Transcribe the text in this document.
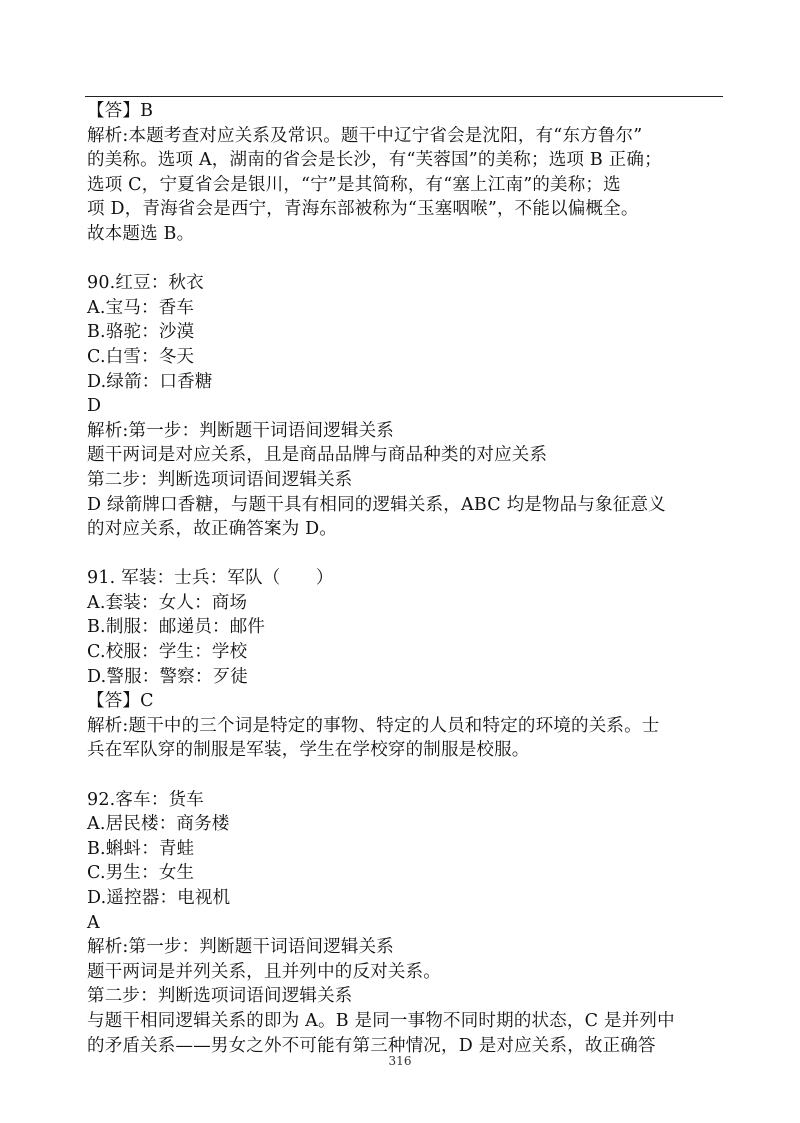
【答】B
解析:本题考查对应关系及常识。题干中辽宁省会是沈阳，有“东方鲁尔”
的美称。选项 A，湖南的省会是长沙，有“芙蓉国”的美称；选项 B 正确；
选项 C，宁夏省会是银川，“宁”是其简称，有“塞上江南”的美称；选
项 D，青海省会是西宁，青海东部被称为“玉塞咽喉”，不能以偏概全。
故本题选 B。
90.红豆：秋衣
A.宝马：香车
B.骆驼：沙漠
C.白雪：冬天
D.绿箭：口香糖
D
解析:第一步：判断题干词语间逻辑关系
题干两词是对应关系，且是商品品牌与商品种类的对应关系
第二步：判断选项词语间逻辑关系
D 绿箭牌口香糖，与题干具有相同的逻辑关系，ABC 均是物品与象征意义
的对应关系，故正确答案为 D。
91. 军装：士兵：军队（　　）
A.套装：女人：商场
B.制服：邮递员：邮件
C.校服：学生：学校
D.警服：警察：歹徒
【答】C
解析:题干中的三个词是特定的事物、特定的人员和特定的环境的关系。士
兵在军队穿的制服是军装，学生在学校穿的制服是校服。
92.客车：货车
A.居民楼：商务楼
B.蝌蚪：青蛙
C.男生：女生
D.遥控器：电视机
A
解析:第一步：判断题干词语间逻辑关系
题干两词是并列关系，且并列中的反对关系。
第二步：判断选项词语间逻辑关系
与题干相同逻辑关系的即为 A。B 是同一事物不同时期的状态，C 是并列中
的矛盾关系——男女之外不可能有第三种情况，D 是对应关系，故正确答
316
